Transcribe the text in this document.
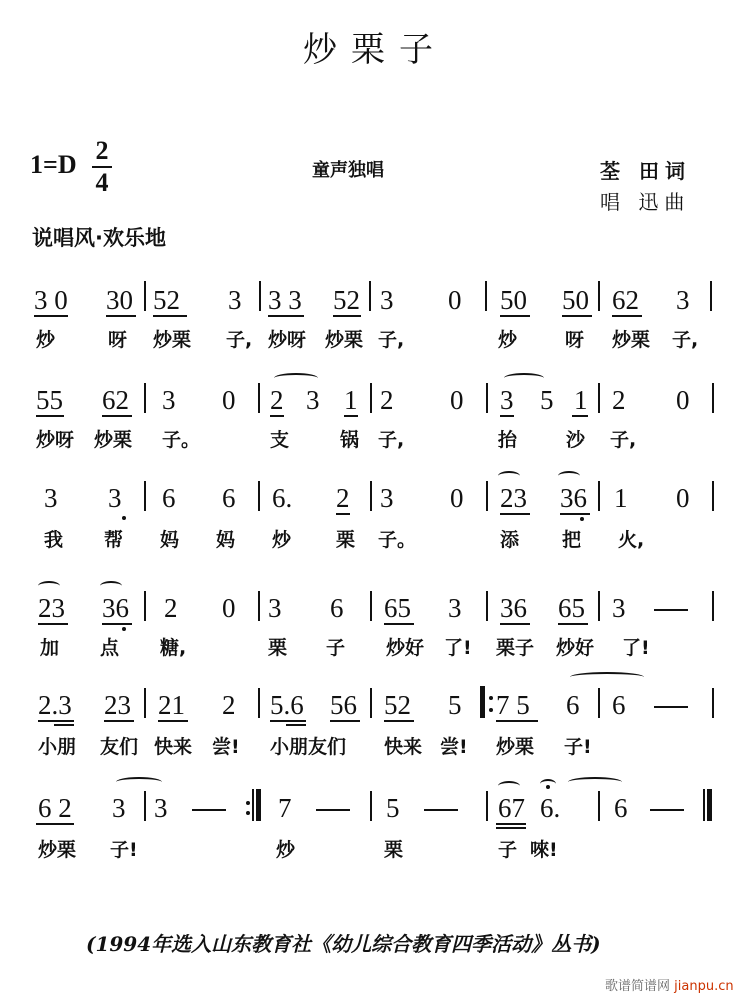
炒栗子
1=D 2
4	童声独唱	荃 田词
唱 迅曲
说唱风·欢乐地
3 0 30 52 3 3 3 52 3 0 50 50 62 3
炒	呀 炒栗 子, 炒呀 炒栗 子,	炒	呀 炒栗 子,
55 62 3 0 2 3 1 2 0 3 5 1 2 0
炒呀 炒栗 子。	支	锅 子,	抬	沙 子,
3 3 6 6 6. 2 3 0 23 36 1 0
我 帮 妈 妈 炒 栗 子。	添 把 火,
23 36 2 0 3 6 65 3 36 65 3
加 点 糖,	栗 子 炒好 了! 栗子 炒好 了!
2.3 23 21 2 5.6 56 52 5 7 5 6 6
小朋 友们 快来 尝! 小朋友们 快来 尝! 炒栗 子!
6 2 3 3	7	5	67 6. 6
炒栗 子!	炒	栗	子 唻!
(1994年选入山东教育社《幼儿综合教育四季活动》丛书)
歌谱简谱网 jianpu.cn
